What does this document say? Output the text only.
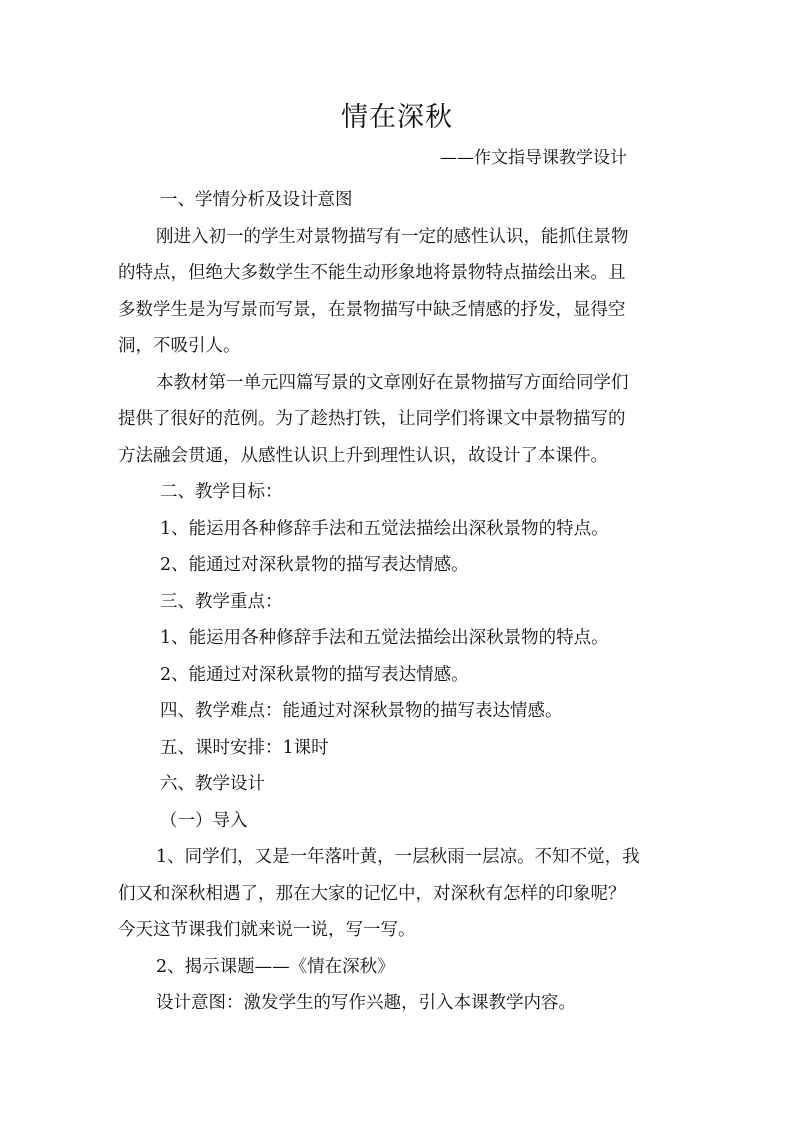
情在深秋
——作文指导课教学设计

一、学情分析及设计意图

刚进入初一的学生对景物描写有一定的感性认识，能抓住景物

的特点，但绝大多数学生不能生动形象地将景物特点描绘出来。且

多数学生是为写景而写景，在景物描写中缺乏情感的抒发，显得空

洞，不吸引人。

本教材第一单元四篇写景的文章刚好在景物描写方面给同学们

提供了很好的范例。为了趁热打铁，让同学们将课文中景物描写的

方法融会贯通，从感性认识上升到理性认识，故设计了本课件。

二、教学目标：

1、能运用各种修辞手法和五觉法描绘出深秋景物的特点。

2、能通过对深秋景物的描写表达情感。

三、教学重点：

1、能运用各种修辞手法和五觉法描绘出深秋景物的特点。

2、能通过对深秋景物的描写表达情感。

四、教学难点：能通过对深秋景物的描写表达情感。

五、课时安排：1课时

六、教学设计

（一）导入

1、同学们，又是一年落叶黄，一层秋雨一层凉。不知不觉，我

们又和深秋相遇了，那在大家的记忆中，对深秋有怎样的印象呢？

今天这节课我们就来说一说，写一写。

2、揭示课题——《情在深秋》

设计意图：激发学生的写作兴趣，引入本课教学内容。
